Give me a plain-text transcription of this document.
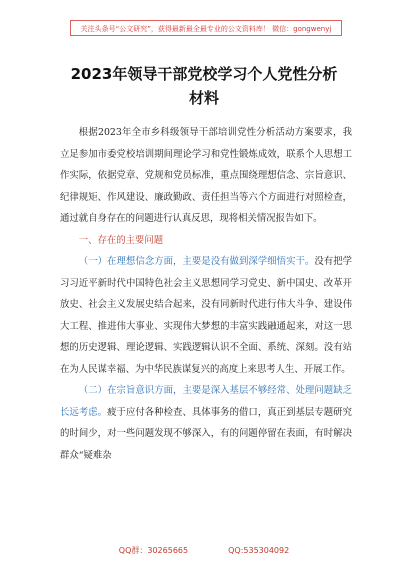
关注头条号“公文研究”，获得最新最全最专业的公文资料库！ 微信：gongwenyj
2023年领导干部党校学习个人党性分析
材料

根据2023年全市乡科级领导干部培训党性分析活动方案要求，我立足参加市委党校培训期间理论学习和党性锻炼成效，联系个人思想工作实际，依据党章、党规和党员标准，重点围绕理想信念、宗旨意识、纪律规矩、作风建设、廉政勤政、责任担当等六个方面进行对照检查，通过就自身存在的问题进行认真反思，现将相关情况报告如下。

一、存在的主要问题

（一）在理想信念方面，主要是没有做到深学细悟实干。没有把学习习近平新时代中国特色社会主义思想同学习党史、新中国史、改革开放史、社会主义发展史结合起来，没有同新时代进行伟大斗争、建设伟大工程、推进伟大事业、实现伟大梦想的丰富实践融通起来，对这一思想的历史逻辑、理论逻辑、实践逻辑认识不全面、系统、深刻。没有站在为人民谋幸福、为中华民族谋复兴的高度上来思考人生、开展工作。

（二）在宗旨意识方面，主要是深入基层不够经常、处理问题缺乏长远考虑。疲于应付各种检查、具体事务的借口，真正到基层专题研究的时间少，对一些问题发现不够深入，有的问题停留在表面，有时解决群众“疑难杂

QQ群：30265665	QQ:535304092
